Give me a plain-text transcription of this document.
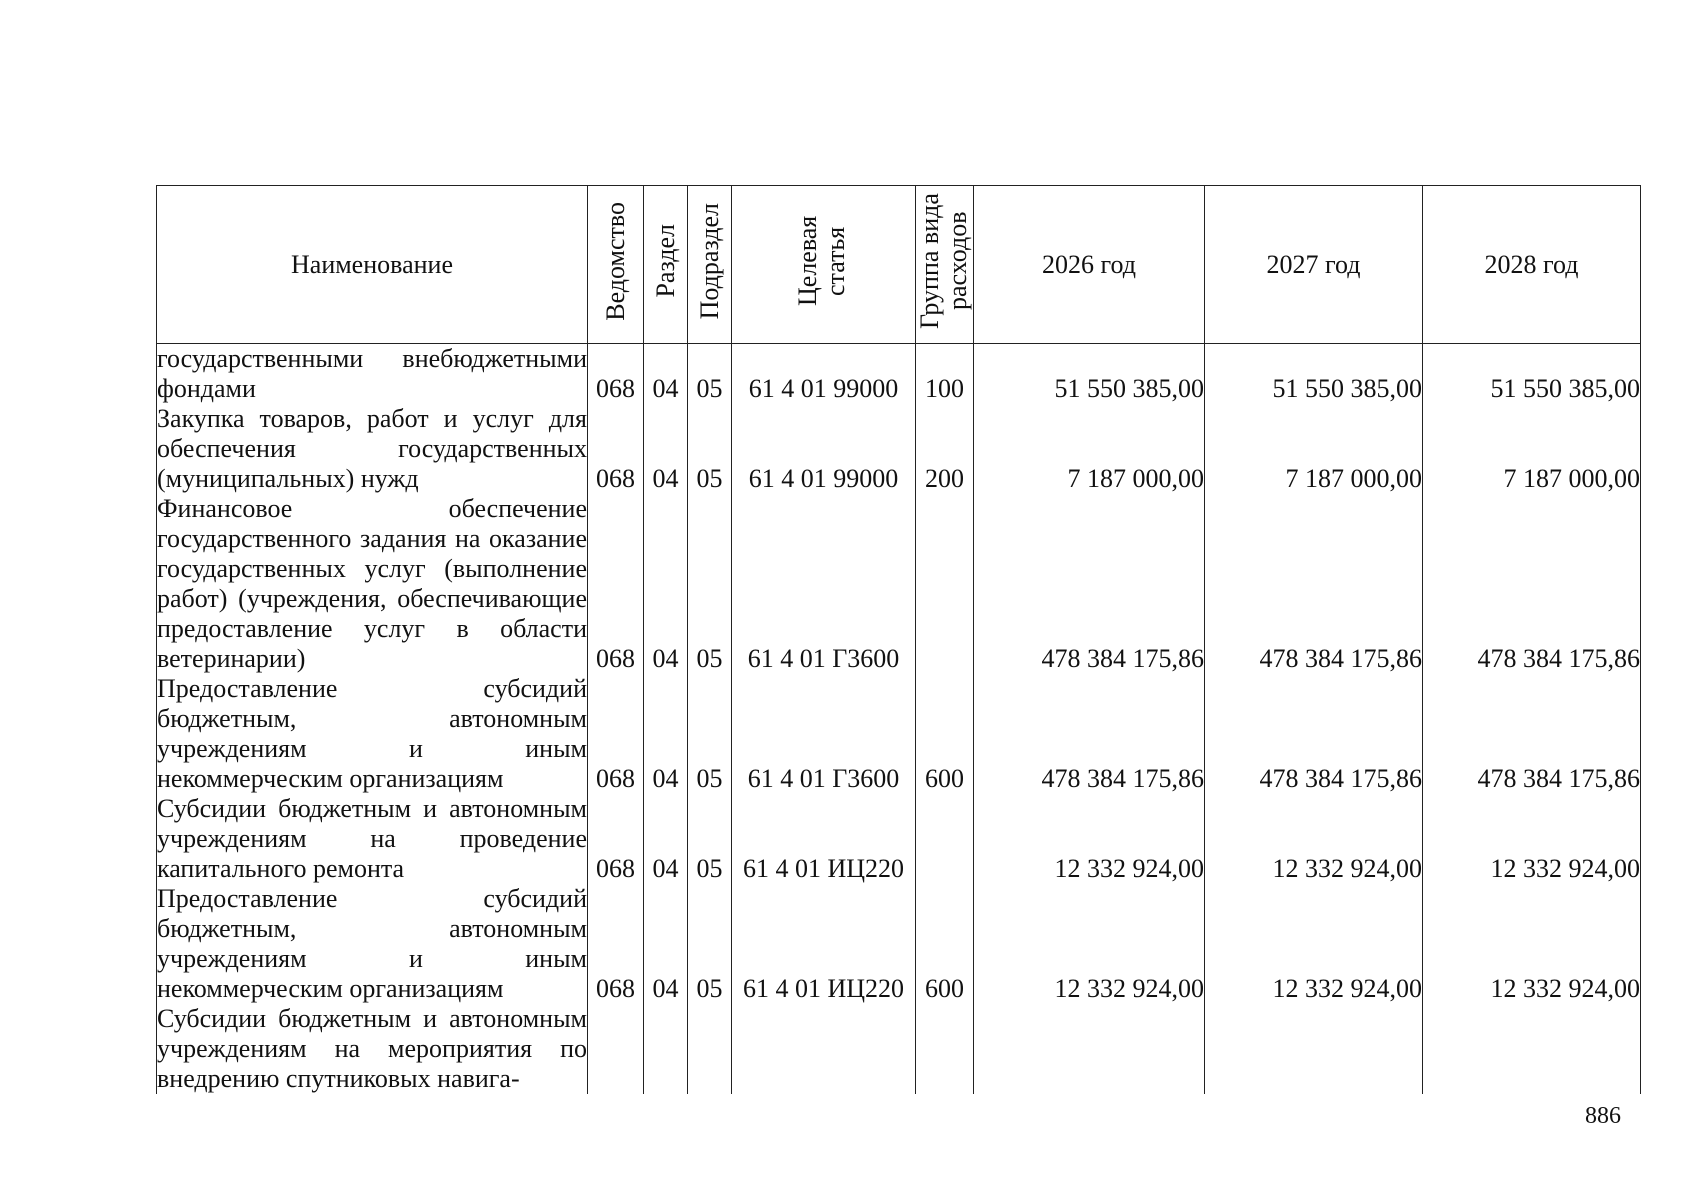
Наименование	Ведомство	Раздел	Подраздел	Целевая статья	Группа вида расходов	2026 год	2027 год	2028 год
государственными внебюджетными фондами	068	04	05	61 4 01 99000	100	51 550 385,00	51 550 385,00	51 550 385,00
Закупка товаров, работ и услуг для обеспечения государственных (муниципальных) нужд	068	04	05	61 4 01 99000	200	7 187 000,00	7 187 000,00	7 187 000,00
Финансовое обеспечение государственного задания на оказание государственных услуг (выполнение работ) (учреждения, обеспечивающие предоставление услуг в области ветеринарии)	068	04	05	61 4 01 Г3600		478 384 175,86	478 384 175,86	478 384 175,86
Предоставление субсидий бюджетным, автономным учреждениям и иным некоммерческим организациям	068	04	05	61 4 01 Г3600	600	478 384 175,86	478 384 175,86	478 384 175,86
Субсидии бюджетным и автономным учреждениям на проведение капитального ремонта	068	04	05	61 4 01 ИЦ220		12 332 924,00	12 332 924,00	12 332 924,00
Предоставление субсидий бюджетным, автономным учреждениям и иным некоммерческим организациям	068	04	05	61 4 01 ИЦ220	600	12 332 924,00	12 332 924,00	12 332 924,00
Субсидии бюджетным и автономным учреждениям на мероприятия по внедрению спутниковых навига-								
886
